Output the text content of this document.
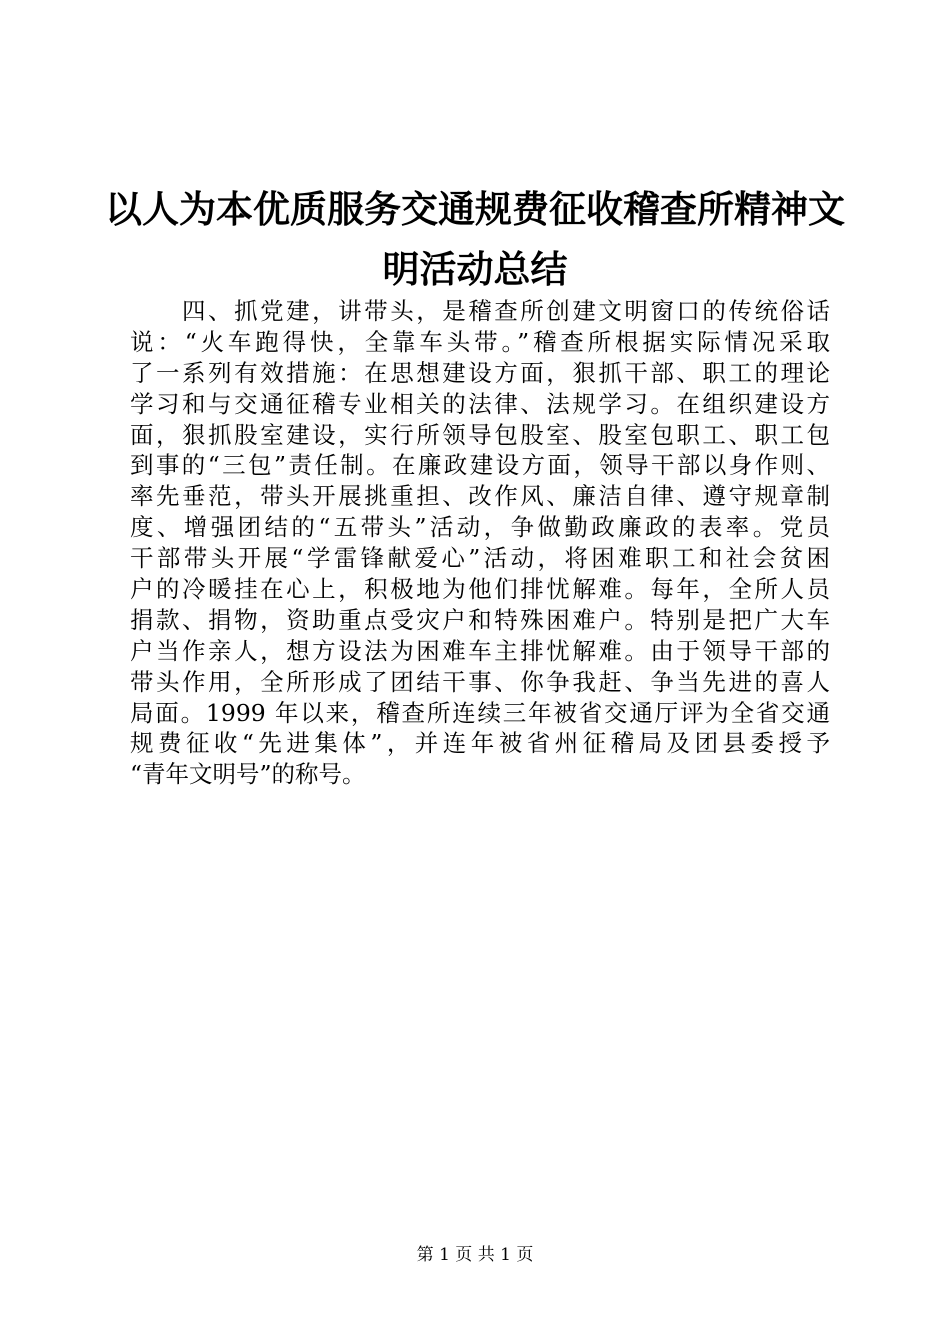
以人为本优质服务交通规费征收稽查所精神文
明活动总结
　　四、抓党建，讲带头，是稽查所创建文明窗口的传统俗话
说：“火车跑得快，全靠车头带。”稽查所根据实际情况采取
了一系列有效措施：在思想建设方面，狠抓干部、职工的理论
学习和与交通征稽专业相关的法律、法规学习。在组织建设方
面，狠抓股室建设，实行所领导包股室、股室包职工、职工包
到事的“三包”责任制。在廉政建设方面，领导干部以身作则、
率先垂范，带头开展挑重担、改作风、廉洁自律、遵守规章制
度、增强团结的“五带头”活动，争做勤政廉政的表率。党员
干部带头开展“学雷锋献爱心”活动，将困难职工和社会贫困
户的冷暖挂在心上，积极地为他们排忧解难。每年，全所人员
捐款、捐物，资助重点受灾户和特殊困难户。特别是把广大车
户当作亲人，想方设法为困难车主排忧解难。由于领导干部的
带头作用，全所形成了团结干事、你争我赶、争当先进的喜人
局面。1999 年以来，稽查所连续三年被省交通厅评为全省交通
规费征收“先进集体”，并连年被省州征稽局及团县委授予
“青年文明号”的称号。

第 1 页 共 1 页
